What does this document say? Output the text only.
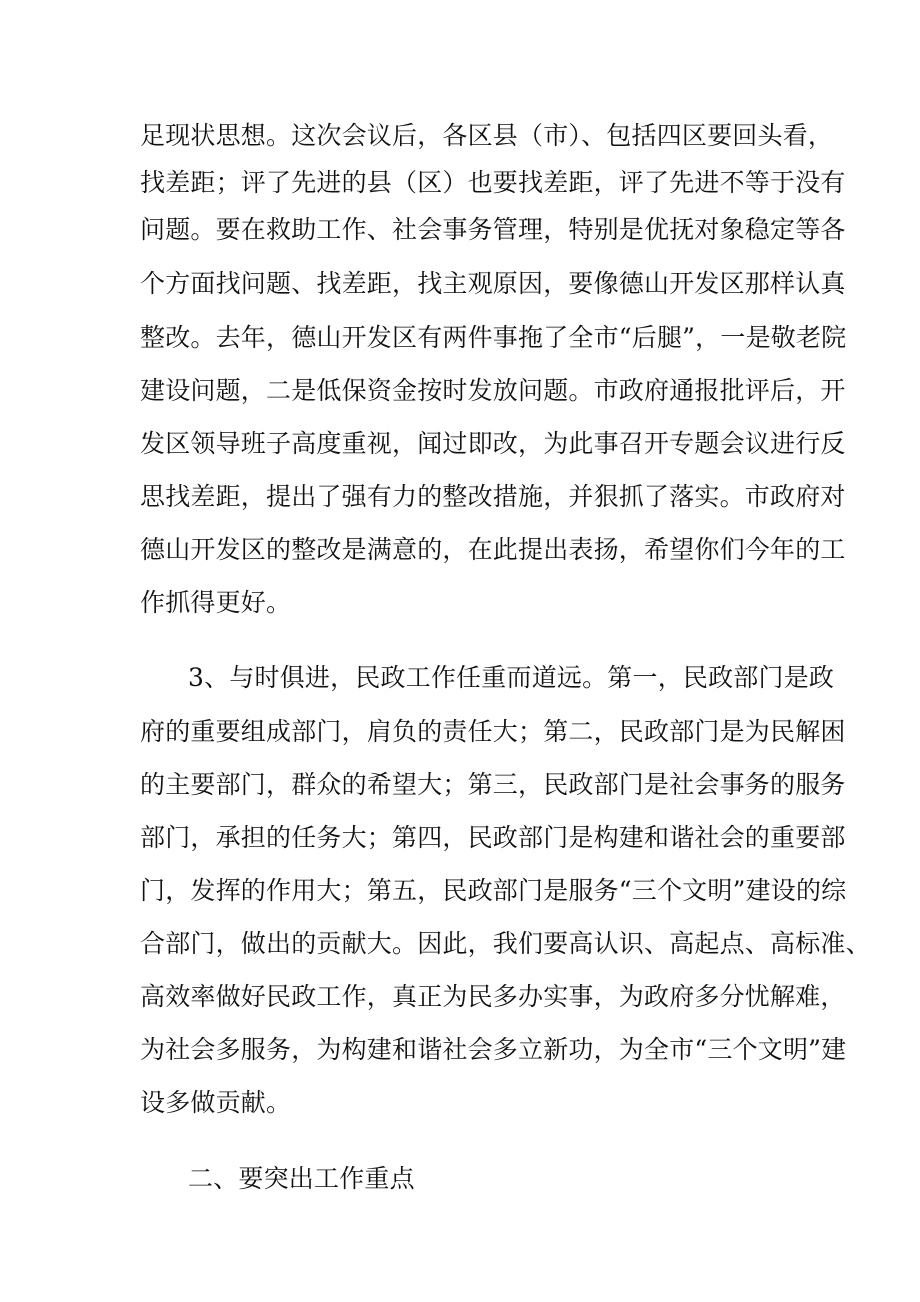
足现状思想。这次会议后，各区县（市）、包括四区要回头看，
找差距；评了先进的县（区）也要找差距，评了先进不等于没有
问题。要在救助工作、社会事务管理，特别是优抚对象稳定等各
个方面找问题、找差距，找主观原因，要像德山开发区那样认真
整改。去年，德山开发区有两件事拖了全市“后腿”，一是敬老院
建设问题，二是低保资金按时发放问题。市政府通报批评后，开
发区领导班子高度重视，闻过即改，为此事召开专题会议进行反
思找差距，提出了强有力的整改措施，并狠抓了落实。市政府对
德山开发区的整改是满意的，在此提出表扬，希望你们今年的工
作抓得更好。
3、与时俱进，民政工作任重而道远。第一，民政部门是政
府的重要组成部门，肩负的责任大；第二，民政部门是为民解困
的主要部门，群众的希望大；第三，民政部门是社会事务的服务
部门，承担的任务大；第四，民政部门是构建和谐社会的重要部
门，发挥的作用大；第五，民政部门是服务“三个文明”建设的综
合部门，做出的贡献大。因此，我们要高认识、高起点、高标准、
高效率做好民政工作，真正为民多办实事，为政府多分忧解难，
为社会多服务，为构建和谐社会多立新功，为全市“三个文明”建
设多做贡献。
二、要突出工作重点
